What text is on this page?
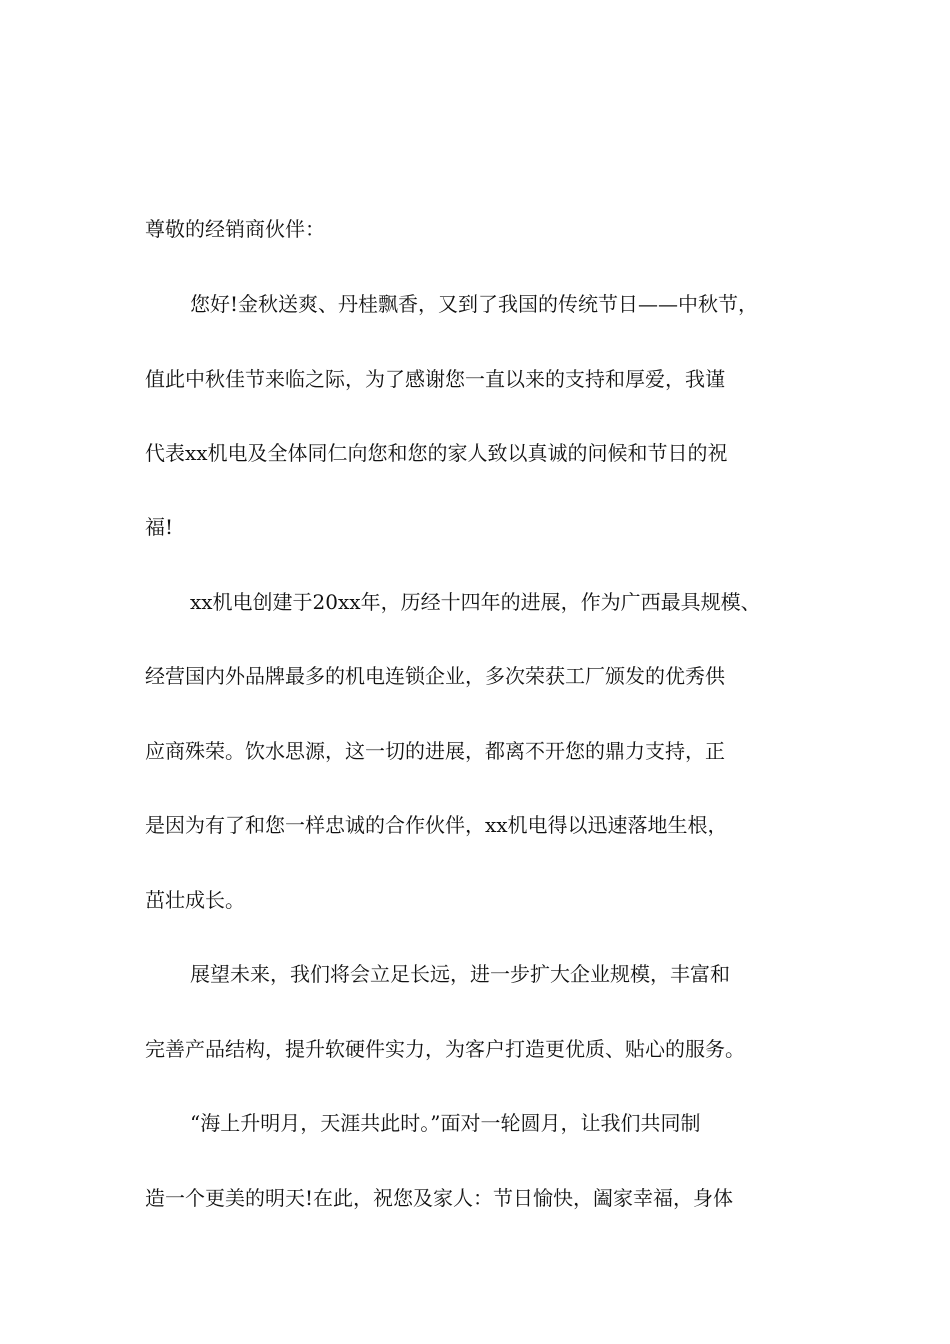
尊敬的经销商伙伴：
您好!金秋送爽、丹桂飘香，又到了我国的传统节日——中秋节，
值此中秋佳节来临之际，为了感谢您一直以来的支持和厚爱，我谨
代表xx机电及全体同仁向您和您的家人致以真诚的问候和节日的祝
福!
xx机电创建于20xx年，历经十四年的进展，作为广西最具规模、
经营国内外品牌最多的机电连锁企业，多次荣获工厂颁发的优秀供
应商殊荣。饮水思源，这一切的进展，都离不开您的鼎力支持，正
是因为有了和您一样忠诚的合作伙伴，xx机电得以迅速落地生根，
茁壮成长。
展望未来，我们将会立足长远，进一步扩大企业规模，丰富和
完善产品结构，提升软硬件实力，为客户打造更优质、贴心的服务。
“海上升明月，天涯共此时。”面对一轮圆月，让我们共同制
造一个更美的明天!在此，祝您及家人：节日愉快，阖家幸福，身体
